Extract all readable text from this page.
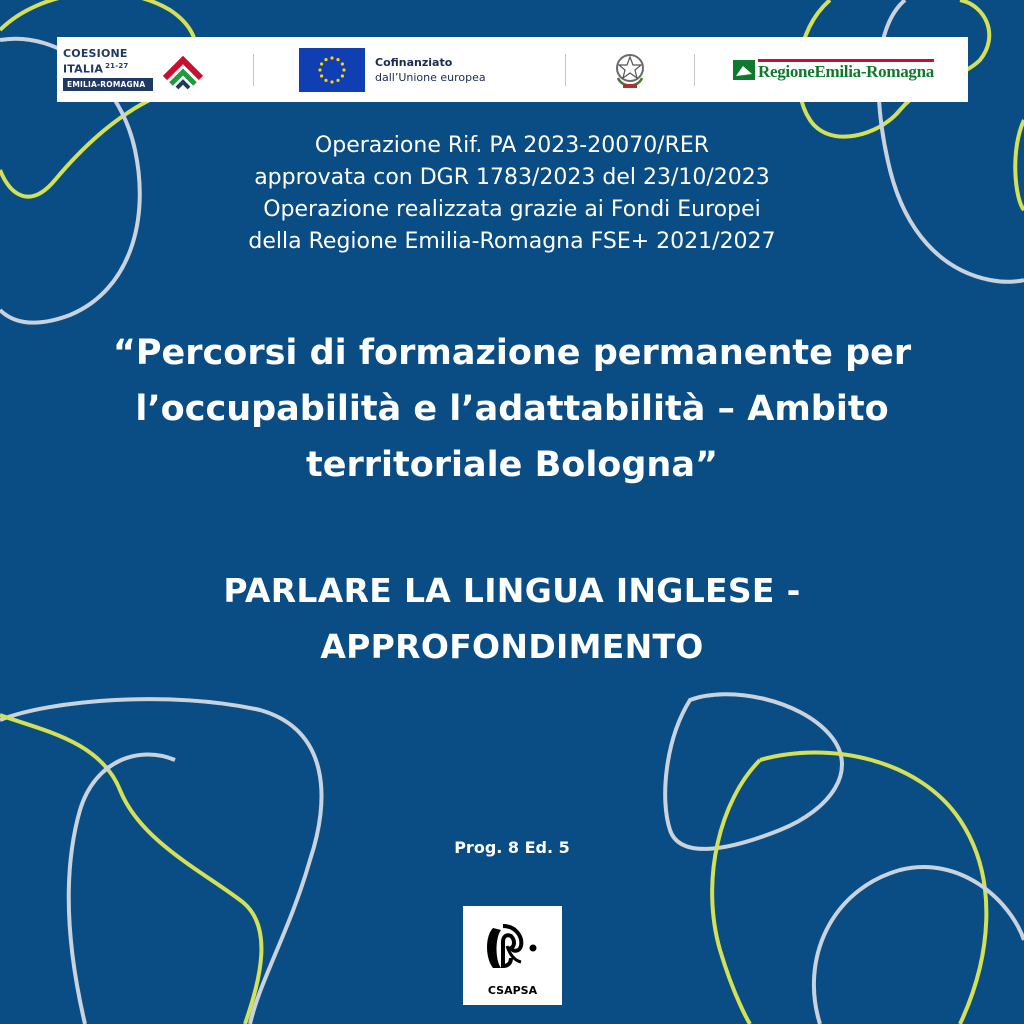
COESIONE
ITALIA $^{21-27}$
EMILIA-ROMAGNA
Cofinanziato
dall’Unione europea	RegioneEmilia-Romagna
Operazione Rif. PA 2023-20070/RER
approvata con DGR 1783/2023 del 23/10/2023
Operazione realizzata grazie ai Fondi Europei
della Regione Emilia-Romagna FSE+ 2021/2027
“Percorsi di formazione permanente per
l’occupabilità e l’adattabilità – Ambito
territoriale Bologna”
PARLARE LA LINGUA INGLESE -
APPROFONDIMENTO
Prog. 8 Ed. 5
CSAPSA
